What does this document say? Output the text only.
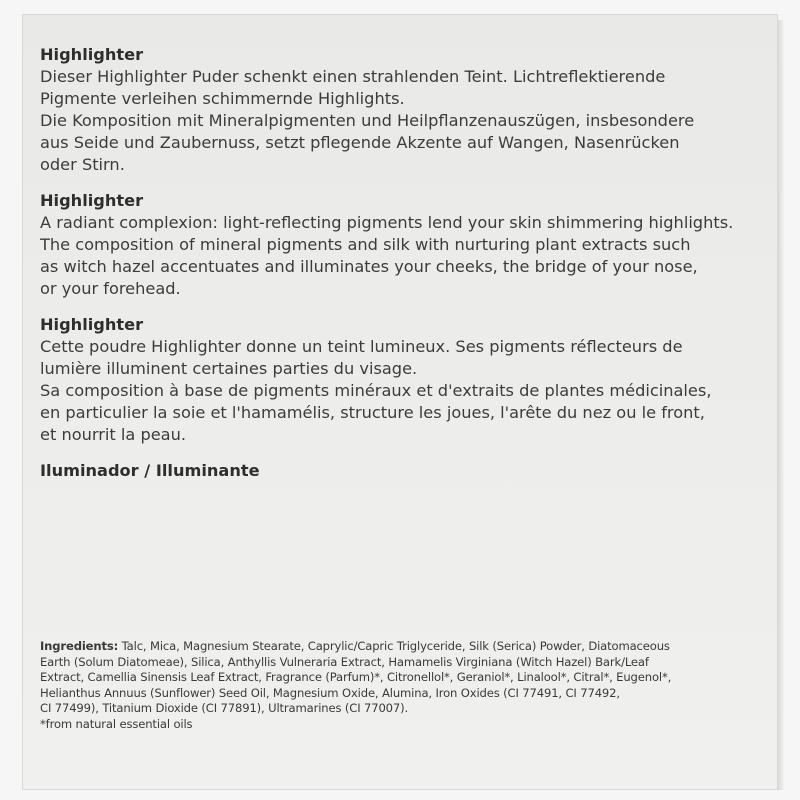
Highlighter
Dieser Highlighter Puder schenkt einen strahlenden Teint. Lichtreflektierende
Pigmente verleihen schimmernde Highlights.
Die Komposition mit Mineralpigmenten und Heilpflanzenauszügen, insbesondere
aus Seide und Zaubernuss, setzt pflegende Akzente auf Wangen, Nasenrücken
oder Stirn.
Highlighter
A radiant complexion: light-reflecting pigments lend your skin shimmering highlights.
The composition of mineral pigments and silk with nurturing plant extracts such
as witch hazel accentuates and illuminates your cheeks, the bridge of your nose,
or your forehead.
Highlighter
Cette poudre Highlighter donne un teint lumineux. Ses pigments réflecteurs de
lumière illuminent certaines parties du visage.
Sa composition à base de pigments minéraux et d'extraits de plantes médicinales,
en particulier la soie et l'hamamélis, structure les joues, l'arête du nez ou le front,
et nourrit la peau.
Iluminador / Illuminante
Ingredients: Talc, Mica, Magnesium Stearate, Caprylic/Capric Triglyceride, Silk (Serica) Powder, Diatomaceous
Earth (Solum Diatomeae), Silica, Anthyllis Vulneraria Extract, Hamamelis Virginiana (Witch Hazel) Bark/Leaf
Extract, Camellia Sinensis Leaf Extract, Fragrance (Parfum)*, Citronellol*, Geraniol*, Linalool*, Citral*, Eugenol*,
Helianthus Annuus (Sunflower) Seed Oil, Magnesium Oxide, Alumina, Iron Oxides (CI 77491, CI 77492,
CI 77499), Titanium Dioxide (CI 77891), Ultramarines (CI 77007).
*from natural essential oils
